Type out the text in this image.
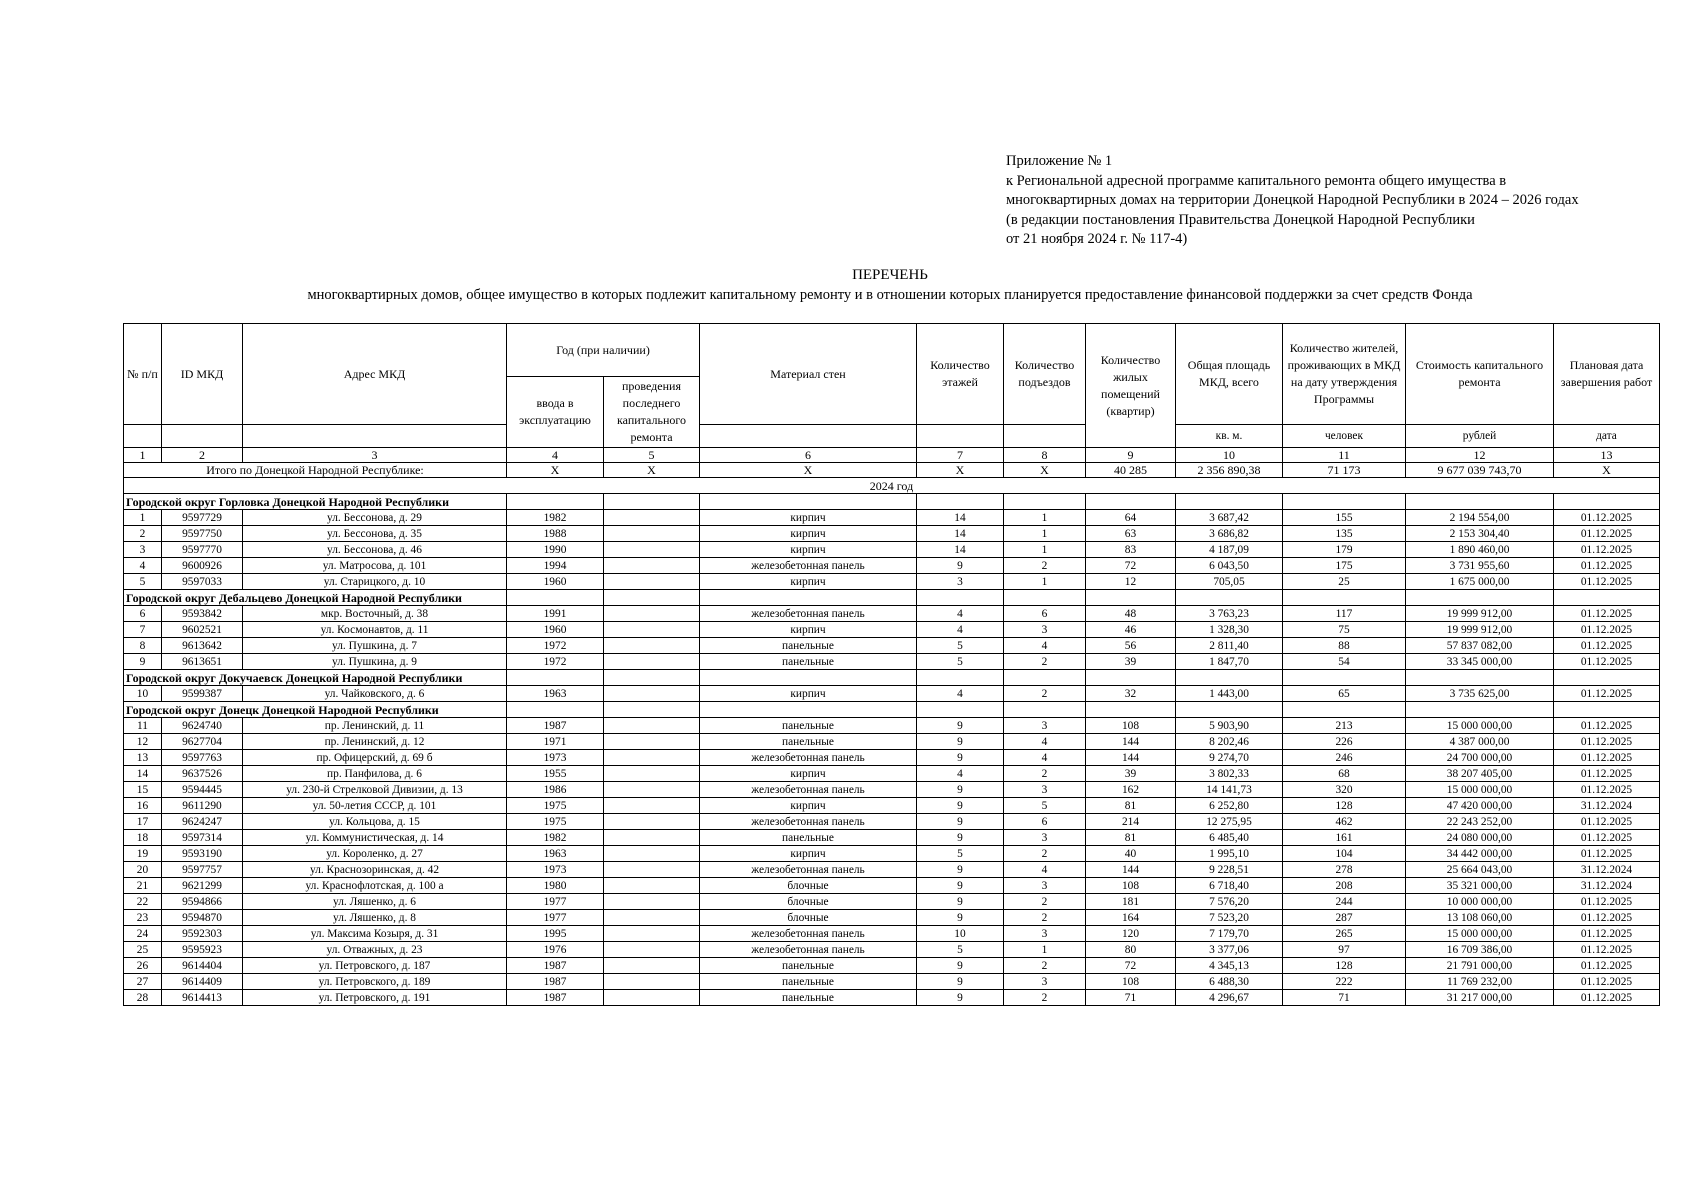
Приложение № 1
к Региональной адресной программе капитального ремонта общего имущества в
многоквартирных домах на территории Донецкой Народной Республики в 2024 – 2026 годах
(в редакции постановления Правительства Донецкой Народной Республики
от 21 ноября 2024 г. № 117-4)
ПЕРЕЧЕНЬ
многоквартирных домов, общее имущество в которых подлежит капитальному ремонту и в отношении которых планируется предоставление финансовой поддержки за счет средств Фонда
№ п/п	ID МКД	Адрес МКД	Год (при наличии)		Материал стен	Количество этажей	Количество подъездов	Количество жилых помещений (квартир)	Общая площадь МКД, всего	Количество жителей, проживающих в МКД на дату утверждения Программы	Стоимость капитального ремонта	Плановая дата завершения работ
			ввода в эксплуатацию	проведения последнего капитального ремонта								
									кв. м.	человек	рублей	дата
1	2	3	4	5	6	7	8	9	10	11	12	13
Итого по Донецкой Народной Республике:			Х	Х	Х	Х	Х	40 285	2 356 890,38	71 173	9 677 039 743,70	Х
2024 год												
Городской округ Горловка Донецкой Народной Республики												
1	9597729	ул. Бессонова, д. 29	1982		кирпич	14	1	64	3 687,42	155	2 194 554,00	01.12.2025
2	9597750	ул. Бессонова, д. 35	1988		кирпич	14	1	63	3 686,82	135	2 153 304,40	01.12.2025
3	9597770	ул. Бессонова, д. 46	1990		кирпич	14	1	83	4 187,09	179	1 890 460,00	01.12.2025
4	9600926	ул. Матросова, д. 101	1994		железобетонная панель	9	2	72	6 043,50	175	3 731 955,60	01.12.2025
5	9597033	ул. Старицкого, д. 10	1960		кирпич	3	1	12	705,05	25	1 675 000,00	01.12.2025
Городской округ Дебальцево Донецкой Народной Республики												
6	9593842	мкр. Восточный, д. 38	1991		железобетонная панель	4	6	48	3 763,23	117	19 999 912,00	01.12.2025
7	9602521	ул. Космонавтов, д. 11	1960		кирпич	4	3	46	1 328,30	75	19 999 912,00	01.12.2025
8	9613642	ул. Пушкина, д. 7	1972		панельные	5	4	56	2 811,40	88	57 837 082,00	01.12.2025
9	9613651	ул. Пушкина, д. 9	1972		панельные	5	2	39	1 847,70	54	33 345 000,00	01.12.2025
Городской округ Докучаевск Донецкой Народной Республики												
10	9599387	ул. Чайковского, д. 6	1963		кирпич	4	2	32	1 443,00	65	3 735 625,00	01.12.2025
Городской округ Донецк Донецкой Народной Республики												
11	9624740	пр. Ленинский, д. 11	1987		панельные	9	3	108	5 903,90	213	15 000 000,00	01.12.2025
12	9627704	пр. Ленинский, д. 12	1971		панельные	9	4	144	8 202,46	226	4 387 000,00	01.12.2025
13	9597763	пр. Офицерский, д. 69 б	1973		железобетонная панель	9	4	144	9 274,70	246	24 700 000,00	01.12.2025
14	9637526	пр. Панфилова, д. 6	1955		кирпич	4	2	39	3 802,33	68	38 207 405,00	01.12.2025
15	9594445	ул. 230-й Стрелковой Дивизии, д. 13	1986		железобетонная панель	9	3	162	14 141,73	320	15 000 000,00	01.12.2025
16	9611290	ул. 50-летия СССР, д. 101	1975		кирпич	9	5	81	6 252,80	128	47 420 000,00	31.12.2024
17	9624247	ул. Кольцова, д. 15	1975		железобетонная панель	9	6	214	12 275,95	462	22 243 252,00	01.12.2025
18	9597314	ул. Коммунистическая, д. 14	1982		панельные	9	3	81	6 485,40	161	24 080 000,00	01.12.2025
19	9593190	ул. Короленко, д. 27	1963		кирпич	5	2	40	1 995,10	104	34 442 000,00	01.12.2025
20	9597757	ул. Краснозоринская, д. 42	1973		железобетонная панель	9	4	144	9 228,51	278	25 664 043,00	31.12.2024
21	9621299	ул. Краснофлотская, д. 100 а	1980		блочные	9	3	108	6 718,40	208	35 321 000,00	31.12.2024
22	9594866	ул. Ляшенко, д. 6	1977		блочные	9	2	181	7 576,20	244	10 000 000,00	01.12.2025
23	9594870	ул. Ляшенко, д. 8	1977		блочные	9	2	164	7 523,20	287	13 108 060,00	01.12.2025
24	9592303	ул. Максима Козыря, д. 31	1995		железобетонная панель	10	3	120	7 179,70	265	15 000 000,00	01.12.2025
25	9595923	ул. Отважных, д. 23	1976		железобетонная панель	5	1	80	3 377,06	97	16 709 386,00	01.12.2025
26	9614404	ул. Петровского, д. 187	1987		панельные	9	2	72	4 345,13	128	21 791 000,00	01.12.2025
27	9614409	ул. Петровского, д. 189	1987		панельные	9	3	108	6 488,30	222	11 769 232,00	01.12.2025
28	9614413	ул. Петровского, д. 191	1987		панельные	9	2	71	4 296,67	71	31 217 000,00	01.12.2025
